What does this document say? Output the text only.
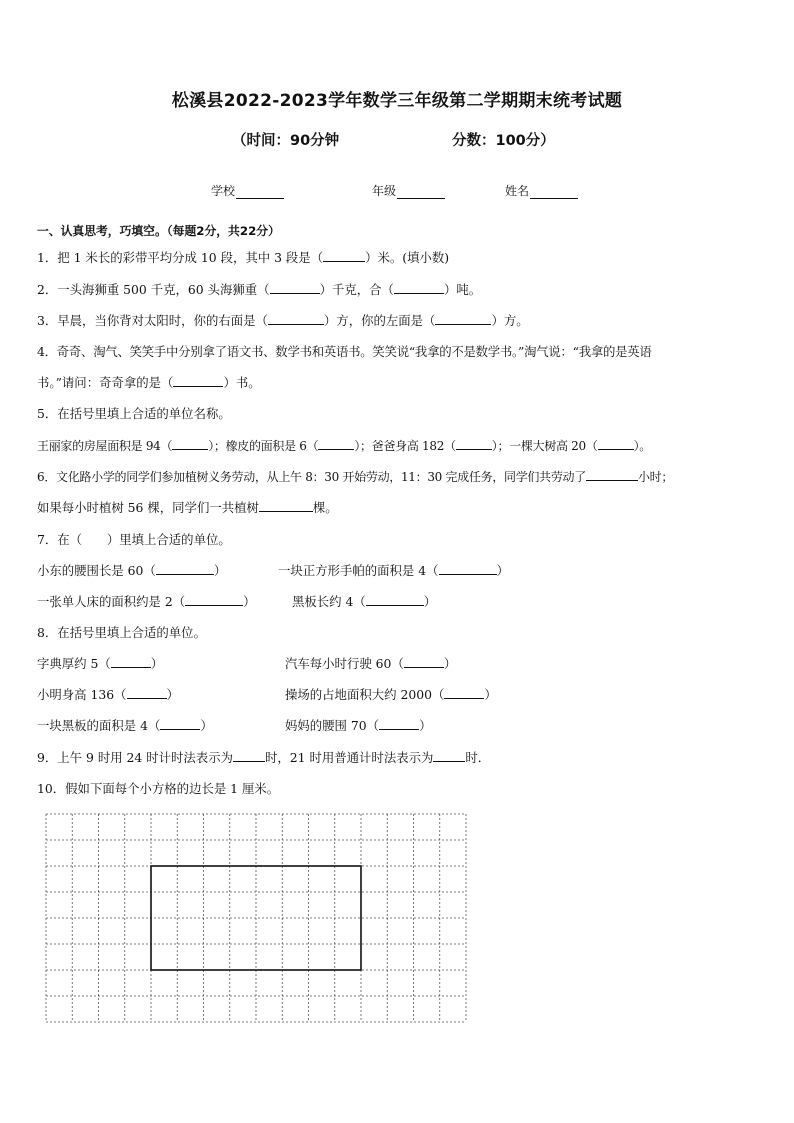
松溪县2022-2023学年数学三年级第二学期期末统考试题
（时间：90分钟	分数：100分）
学校	年级	姓名
一、认真思考，巧填空。（每题2分，共22分）
1．把 1 米长的彩带平均分成 10 段，其中 3 段是（	）米。(填小数)
2．一头海狮重 500 千克，60 头海狮重（	）千克，合（	）吨。
3．早晨，当你背对太阳时，你的右面是（	）方，你的左面是（	）方。
4．奇奇、淘气、笑笑手中分别拿了语文书、数学书和英语书。笑笑说“我拿的不是数学书。”淘气说：“我拿的是英语
书。”请问：奇奇拿的是（	）书。
5．在括号里填上合适的单位名称。
王丽家的房屋面积是 94（	）；橡皮的面积是 6（	）；爸爸身高 182（	）；一棵大树高 20（	）。
6．文化路小学的同学们参加植树义务劳动，从上午 8：30 开始劳动，11：30 完成任务，同学们共劳动了	小时；
如果每小时植树 56 棵，同学们一共植树	棵。
7．在（　　）里填上合适的单位。
小东的腰围长是 60（	）	一块正方形手帕的面积是 4（	）
一张单人床的面积约是 2（	）	黑板长约 4（	）
8．在括号里填上合适的单位。
字典厚约 5（	）	汽车每小时行驶 60（	）
小明身高 136（	）	操场的占地面积大约 2000（	）
一块黑板的面积是 4（	）	妈妈的腰围 70（	）
9．上午 9 时用 24 时计时法表示为	时，21 时用普通计时法表示为	时．
10．假如下面每个小方格的边长是 1 厘米。
